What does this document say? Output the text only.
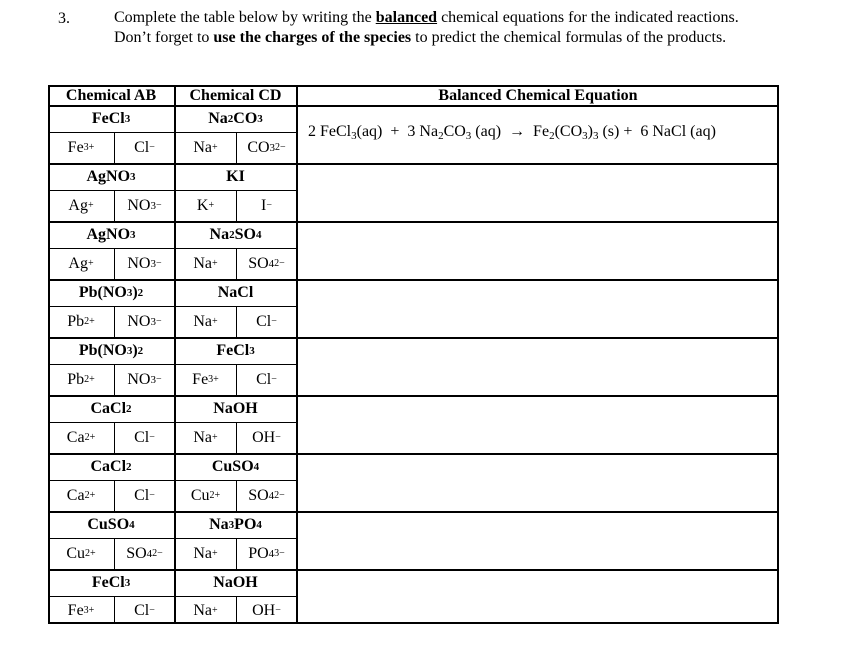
3.	Complete the table below by writing the balanced chemical equations for the indicated reactions. Don’t forget to use the charges of the species to predict the chemical formulas of the products.
Chemical AB	Chemical CD	Balanced Chemical Equation
FeCl 3	Na 2 CO 3
Fe 3+	Cl −	Na +	CO 3 2−
2 FeCl$_3$(aq)  +  3 $Na_2CO_3$ $(aq) \to Fe_2(CO_3)_3$ (s) +  6 NaCl (aq)
AgNO 3	KI
Ag +	NO 3 −	K +	I −
AgNO 3	Na 2 SO 4
Ag +	NO 3 −	Na +	SO 4 2−
Pb(NO 3 ) 2	NaCl
Pb 2+	NO 3 −	Na +	Cl −
Pb(NO 3 ) 2	FeCl 3
Pb 2+	NO 3 −	Fe 3+	Cl −
CaCl 2	NaOH
Ca 2+	Cl −	Na +	OH −
CaCl 2	CuSO 4
Ca 2+	Cl −	Cu 2+	SO 4 2−
CuSO 4	Na 3 PO 4
Cu 2+	SO 4 2−	Na +	PO 4 3−
FeCl 3	NaOH
Fe 3+	Cl −	Na +	OH −
